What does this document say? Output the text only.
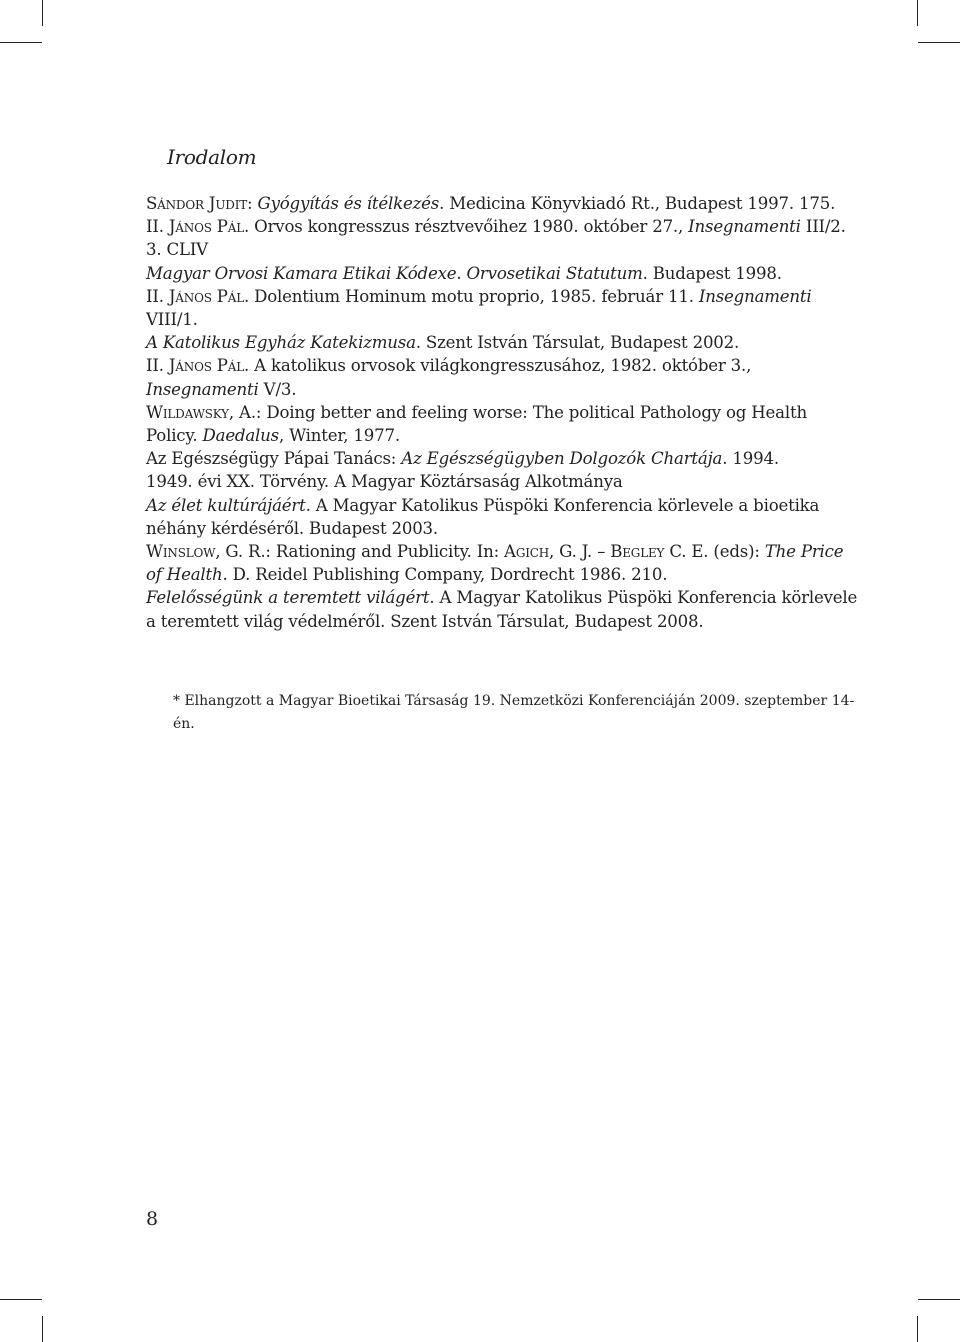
Irodalom

Sándor Judit: Gyógyítás és ítélkezés. Medicina Könyvkiadó Rt., Budapest 1997. 175.

II. János Pál. Orvos kongresszus résztvevőihez 1980. október 27., Insegnamenti III/2. 3. CLIV

Magyar Orvosi Kamara Etikai Kódexe. Orvosetikai Statutum. Budapest 1998.

II. János Pál. Dolentium Hominum motu proprio, 1985. február 11. Insegnamenti VIII/1.

A Katolikus Egyház Katekizmusa. Szent István Társulat, Budapest 2002.

II. János Pál. A katolikus orvosok világkongresszusához, 1982. október 3., Insegnamenti V/3.

Wildawsky, A.: Doing better and feeling worse: The political Pathology og Health Policy. Daedalus, Winter, 1977.

Az Egészségügy Pápai Tanács: Az Egészségügyben Dolgozók Chartája. 1994.

1949. évi XX. Törvény. A Magyar Köztársaság Alkotmánya

Az élet kultúrájáért. A Magyar Katolikus Püspöki Konferencia körlevele a bioetika néhány kérdéséről. Budapest 2003.

Winslow, G. R.: Rationing and Publicity. In: Agich, G. J. – Begley C. E. (eds): The Price of Health. D. Reidel Publishing Company, Dordrecht 1986. 210.

Felelősségünk a teremtett világért. A Magyar Katolikus Püspöki Konferencia körlevele a teremtett világ védelméről. Szent István Társulat, Budapest 2008.

* Elhangzott a Magyar Bioetikai Társaság 19. Nemzetközi Konferenciáján 2009. szeptember 14-én.
8
